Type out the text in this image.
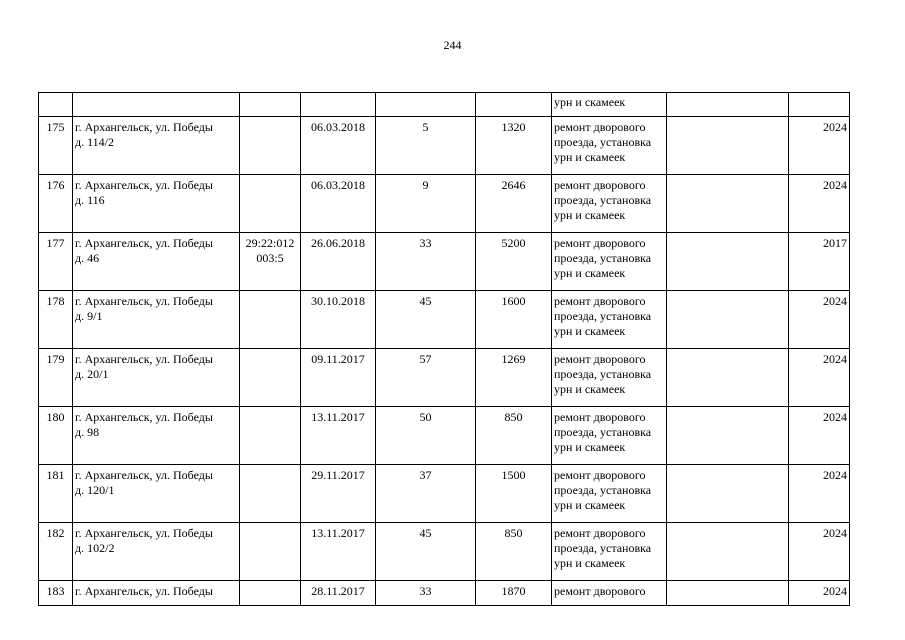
244

						урн и скамеек		

175	г. Архангельск, ул. Победы
д. 114/2		06.03.2018	5	1320	ремонт дворового
проезда, установка
урн и скамеек		2024

176	г. Архангельск, ул. Победы
д. 116		06.03.2018	9	2646	ремонт дворового
проезда, установка
урн и скамеек		2024

177	г. Архангельск, ул. Победы
д. 46	29:22:012
003:5	26.06.2018	33	5200	ремонт дворового
проезда, установка
урн и скамеек		2017

178	г. Архангельск, ул. Победы
д. 9/1		30.10.2018	45	1600	ремонт дворового
проезда, установка
урн и скамеек		2024

179	г. Архангельск, ул. Победы
д. 20/1		09.11.2017	57	1269	ремонт дворового
проезда, установка
урн и скамеек		2024

180	г. Архангельск, ул. Победы
д. 98		13.11.2017	50	850	ремонт дворового
проезда, установка
урн и скамеек		2024

181	г. Архангельск, ул. Победы
д. 120/1		29.11.2017	37	1500	ремонт дворового
проезда, установка
урн и скамеек		2024

182	г. Архангельск, ул. Победы
д. 102/2		13.11.2017	45	850	ремонт дворового
проезда, установка
урн и скамеек		2024

183	г. Архангельск, ул. Победы		28.11.2017	33	1870	ремонт дворового		2024
